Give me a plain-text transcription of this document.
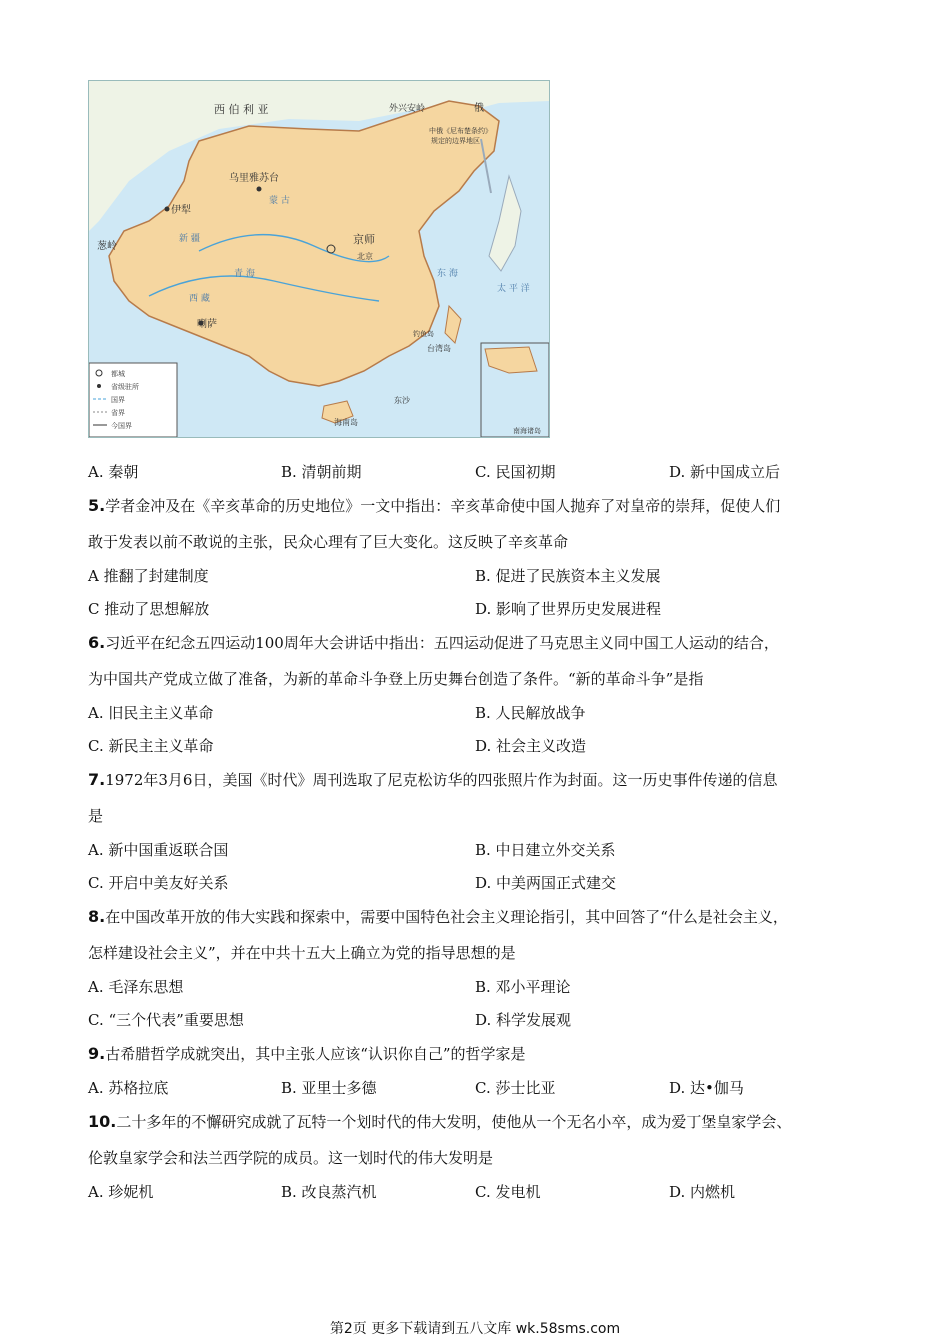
西 伯 利 亚	俄
外兴安岭
中俄《尼布楚条约》
规定的边界地区
乌里雅苏台
伊犁
葱岭
京师
北京
喇萨
蒙 古
新 疆
青 海
西 藏
东 海
太 平 洋
台湾岛
钓鱼岛
海南岛
东沙
南海诸岛
都城
省级驻所
国界
省界
今国界
A. 秦朝	B. 清朝前期	C. 民国初期	D. 新中国成立后
5.学者金冲及在《辛亥革命的历史地位》一文中指出：辛亥革命使中国人抛弃了对皇帝的崇拜，促使人们
敢于发表以前不敢说的主张，民众心理有了巨大变化。这反映了辛亥革命
A 推翻了封建制度	B. 促进了民族资本主义发展
C 推动了思想解放	D. 影响了世界历史发展进程
6.习近平在纪念五四运动100周年大会讲话中指出：五四运动促进了马克思主义同中国工人运动的结合，
为中国共产党成立做了准备，为新的革命斗争登上历史舞台创造了条件。“新的革命斗争”是指
A. 旧民主主义革命	B. 人民解放战争
C. 新民主主义革命	D. 社会主义改造
7.1972年3月6日，美国《时代》周刊选取了尼克松访华的四张照片作为封面。这一历史事件传递的信息
是
A. 新中国重返联合国	B. 中日建立外交关系
C. 开启中美友好关系	D. 中美两国正式建交
8.在中国改革开放的伟大实践和探索中，需要中国特色社会主义理论指引，其中回答了“什么是社会主义，
怎样建设社会主义”，并在中共十五大上确立为党的指导思想的是
A. 毛泽东思想	B. 邓小平理论
C. “三个代表”重要思想	D. 科学发展观
9.古希腊哲学成就突出，其中主张人应该“认识你自己”的哲学家是
A. 苏格拉底	B. 亚里士多德	C. 莎士比亚	D. 达•伽马
10.二十多年的不懈研究成就了瓦特一个划时代的伟大发明，使他从一个无名小卒，成为爱丁堡皇家学会、
伦敦皇家学会和法兰西学院的成员。这一划时代的伟大发明是
A. 珍妮机	B. 改良蒸汽机	C. 发电机	D. 内燃机
第2页 更多下载请到五八文库 wk.58sms.com
